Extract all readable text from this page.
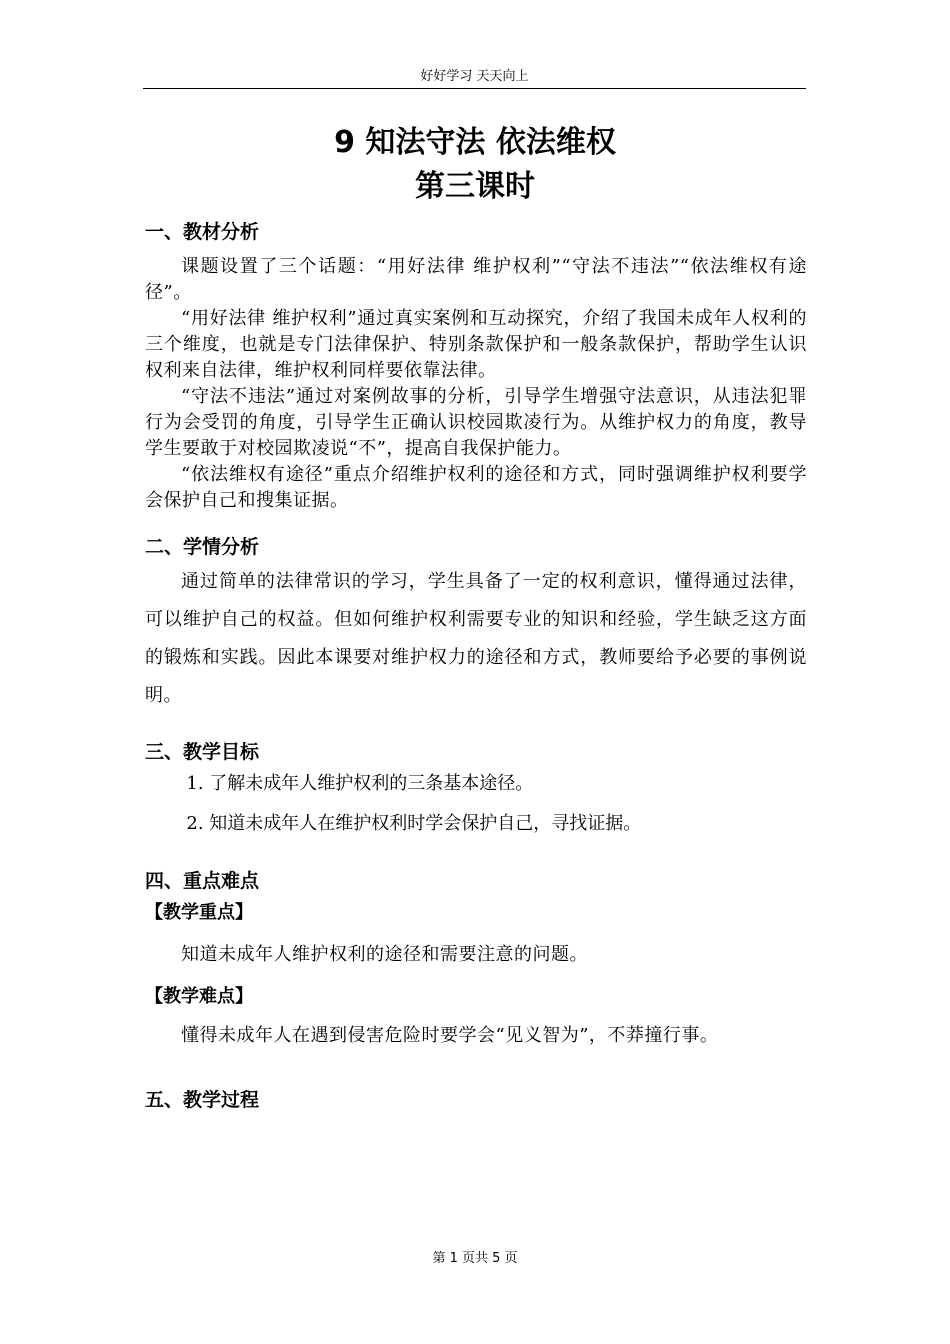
好好学习 天天向上
9 知法守法 依法维权
第三课时
一、教材分析

课题设置了三个话题：“用好法律 维护权利”“守法不违法”“依法维权有途径”。

“用好法律 维护权利”通过真实案例和互动探究，介绍了我国未成年人权利的三个维度，也就是专门法律保护、特别条款保护和一般条款保护，帮助学生认识权利来自法律，维护权利同样要依靠法律。

“守法不违法”通过对案例故事的分析，引导学生增强守法意识，从违法犯罪行为会受罚的角度，引导学生正确认识校园欺凌行为。从维护权力的角度，教导学生要敢于对校园欺凌说“不”，提高自我保护能力。

“依法维权有途径”重点介绍维护权利的途径和方式，同时强调维护权利要学会保护自己和搜集证据。

二、学情分析

通过简单的法律常识的学习，学生具备了一定的权利意识，懂得通过法律，可以维护自己的权益。但如何维护权利需要专业的知识和经验，学生缺乏这方面的锻炼和实践。因此本课要对维护权力的途径和方式，教师要给予必要的事例说明。

三、教学目标

1. 了解未成年人维护权利的三条基本途径。

2. 知道未成年人在维护权利时学会保护自己，寻找证据。

四、重点难点

【教学重点】

知道未成年人维护权利的途径和需要注意的问题。

【教学难点】

懂得未成年人在遇到侵害危险时要学会“见义智为”，不莽撞行事。

五、教学过程
第 1 页共 5 页
